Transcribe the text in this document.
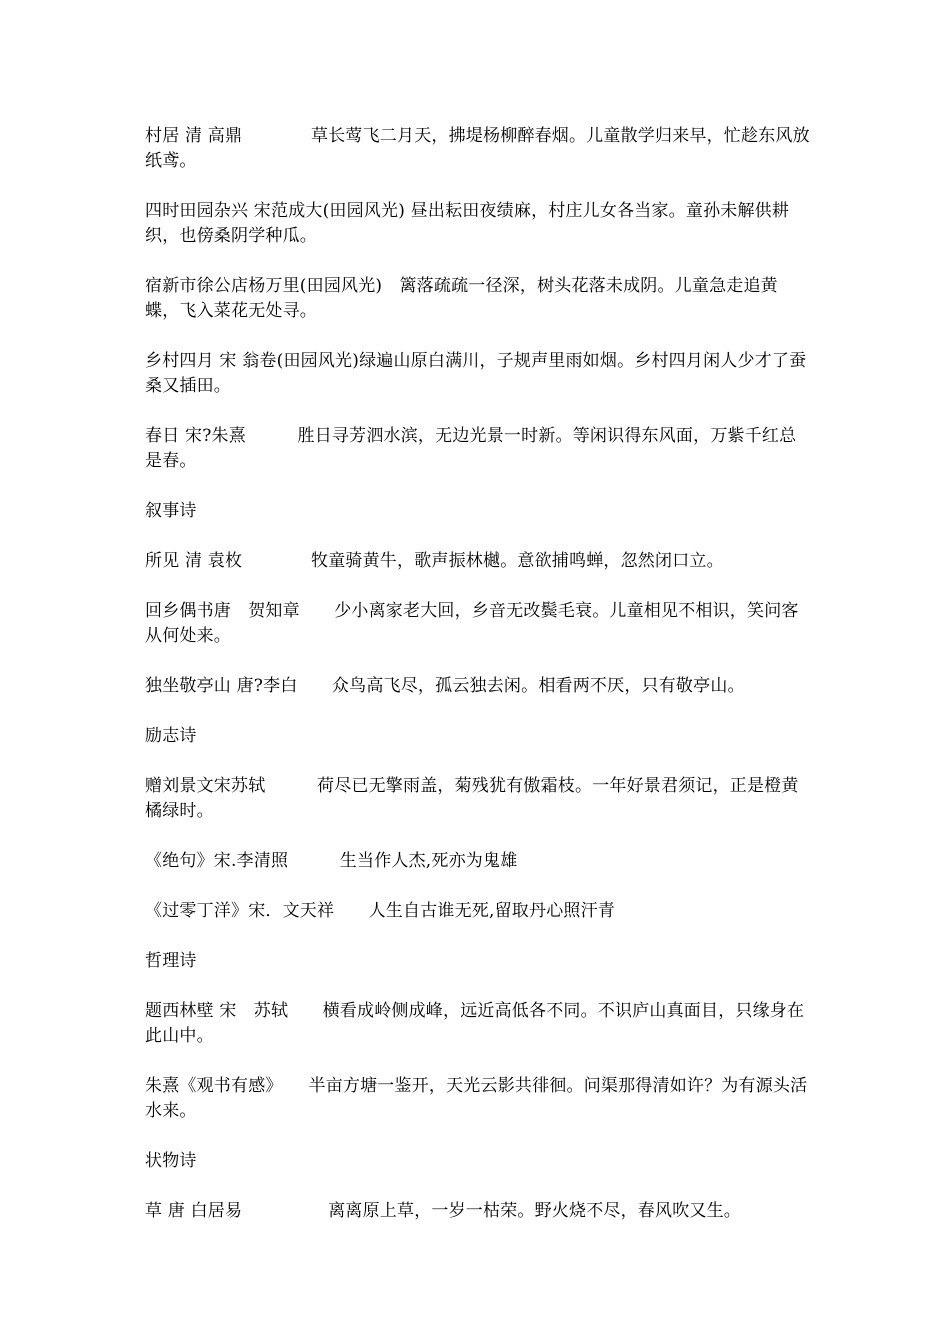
村居 清 高鼎　　　　草长莺飞二月天，拂堤杨柳醉春烟。儿童散学归来早，忙趁东风放纸鸢。

四时田园杂兴 宋范成大(田园风光) 昼出耘田夜绩麻，村庄儿女各当家。童孙未解供耕织，也傍桑阴学种瓜。

宿新市徐公店杨万里(田园风光)　篱落疏疏一径深，树头花落未成阴。儿童急走追黄蝶，飞入菜花无处寻。

乡村四月 宋 翁卷(田园风光)绿遍山原白满川，子规声里雨如烟。乡村四月闲人少才了蚕桑又插田。

春日 宋?朱熹　　　胜日寻芳泗水滨，无边光景一时新。等闲识得东风面，万紫千红总是春。

叙事诗

所见 清 袁枚　　　　牧童骑黄牛，歌声振林樾。意欲捕鸣蝉，忽然闭口立。

回乡偶书唐　贺知章　　少小离家老大回，乡音无改鬓毛衰。儿童相见不相识，笑问客从何处来。

独坐敬亭山 唐?李白　　众鸟高飞尽，孤云独去闲。相看两不厌，只有敬亭山。

励志诗

赠刘景文宋苏轼　　　荷尽已无擎雨盖，菊残犹有傲霜枝。一年好景君须记，正是橙黄橘绿时。

《绝句》宋.李清照　　　生当作人杰,死亦为鬼雄

《过零丁洋》宋．文天祥　　人生自古谁无死,留取丹心照汗青

哲理诗

题西林壁 宋　苏轼　　横看成岭侧成峰，远近高低各不同。不识庐山真面目，只缘身在此山中。

朱熹《观书有感》　　半亩方塘一鉴开，天光云影共徘徊。问渠那得清如许？为有源头活水来。

状物诗

草 唐 白居易　　　　　离离原上草，一岁一枯荣。野火烧不尽，春风吹又生。
